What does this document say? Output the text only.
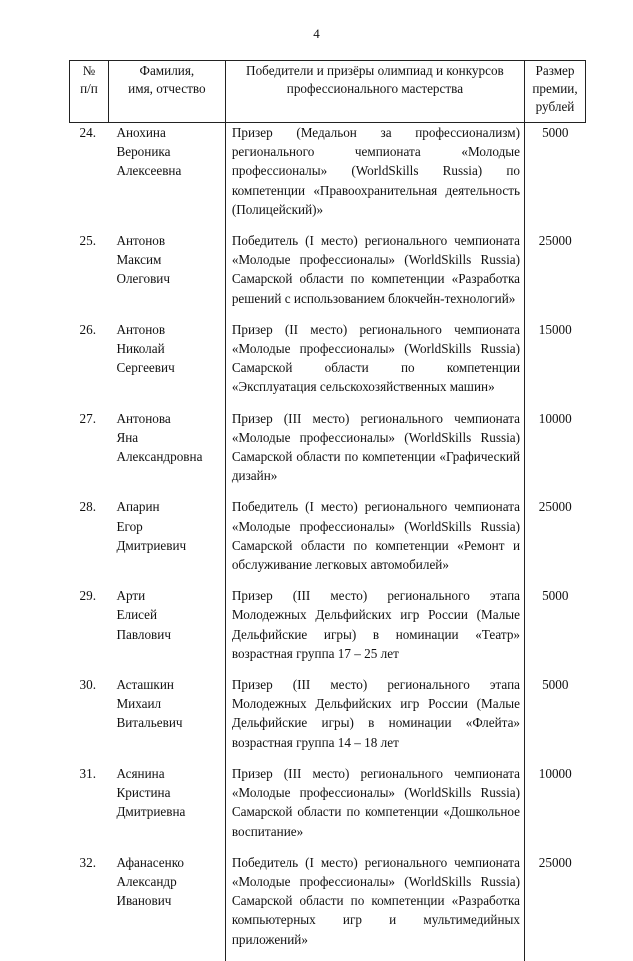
4
№
п/п	Фамилия,
имя, отчество	Победители и призёры олимпиад и конкурсов профессионального мастерства	Размер
премии,
рублей
24.	Анохина
Вероника
Алексеевна	Призер (Медальон за профессионализм) регионального чемпионата «Молодые профессионалы» (WorldSkills Russia) по компетенции «Правоохранительная деятельность (Полицейский)»	5000
25.	Антонов
Максим
Олегович	Победитель (I место) регионального чемпионата «Молодые профессионалы» (WorldSkills Russia) Самарской области по компетенции «Разработка решений с использованием блокчейн-технологий»	25000
26.	Антонов
Николай
Сергеевич	Призер (II место) регионального чемпионата «Молодые профессионалы» (WorldSkills Russia) Самарской области по компетенции «Эксплуатация сельскохозяйственных машин»	15000
27.	Антонова
Яна
Александровна	Призер (III место) регионального чемпионата «Молодые профессионалы» (WorldSkills Russia) Самарской области по компетенции «Графический дизайн»	10000
28.	Апарин
Егор
Дмитриевич	Победитель (I место) регионального чемпионата «Молодые профессионалы» (WorldSkills Russia) Самарской области по компетенции «Ремонт и обслуживание легковых автомобилей»	25000
29.	Арти
Елисей
Павлович	Призер (III место) регионального этапа Молодежных Дельфийских игр России (Малые Дельфийские игры) в номинации «Театр» возрастная группа 17 – 25 лет	5000
30.	Асташкин
Михаил
Витальевич	Призер (III место) регионального этапа Молодежных Дельфийских игр России (Малые Дельфийские игры) в номинации «Флейта» возрастная группа 14 – 18 лет	5000
31.	Асянина
Кристина
Дмитриевна	Призер (III место) регионального чемпионата «Молодые профессионалы» (WorldSkills Russia) Самарской области по компетенции «Дошкольное воспитание»	10000
32.	Афанасенко
Александр
Иванович	Победитель (I место) регионального чемпионата «Молодые профессионалы» (WorldSkills Russia) Самарской области по компетенции «Разработка компьютерных игр и мультимедийных приложений»	25000
